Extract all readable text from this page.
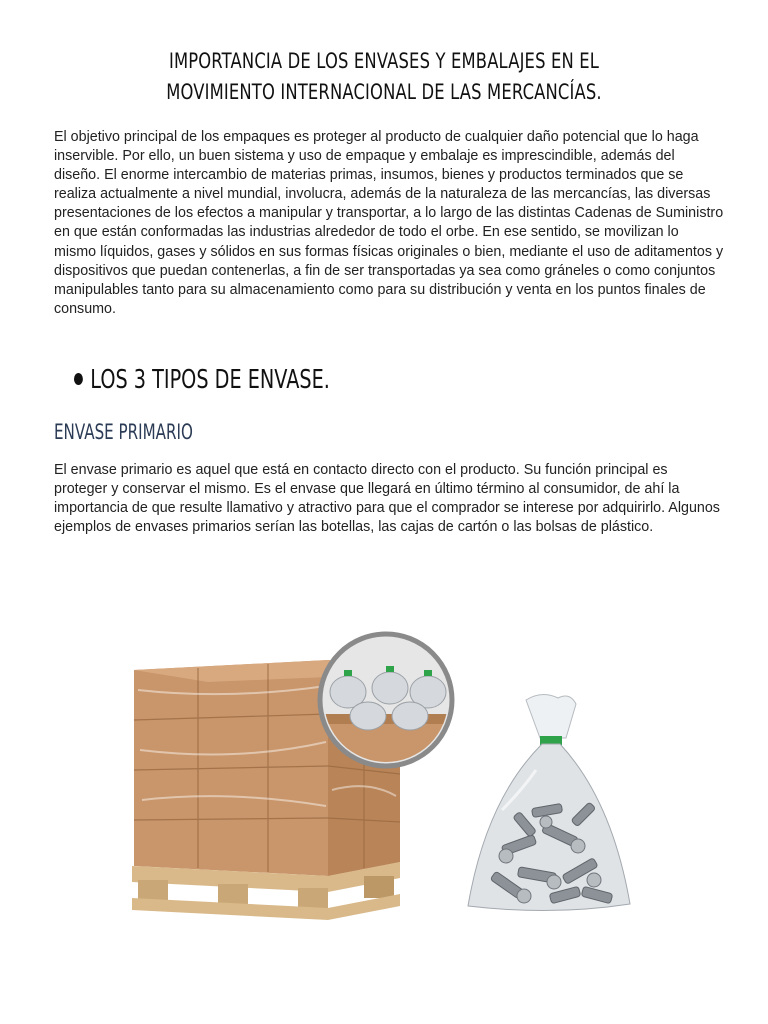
IMPORTANCIA DE LOS ENVASES Y EMBALAJES EN EL MOVIMIENTO INTERNACIONAL DE LAS MERCANCÍAS.

El objetivo principal de los empaques es proteger al producto de cualquier daño potencial que lo haga inservible. Por ello, un buen sistema y uso de empaque y embalaje es imprescindible, además del diseño. El enorme intercambio de materias primas, insumos, bienes y productos terminados que se realiza actualmente a nivel mundial, involucra, además de la naturaleza de las mercancías, las diversas presentaciones de los efectos a manipular y transportar, a lo largo de las distintas Cadenas de Suministro en que están conformadas las industrias alrededor de todo el orbe. En ese sentido, se movilizan lo mismo líquidos, gases y sólidos en sus formas físicas originales o bien, mediante el uso de aditamentos y dispositivos que puedan contenerlas, a fin de ser transportadas ya sea como gráneles o como conjuntos manipulables tanto para su almacenamiento como para su distribución y venta en los puntos finales de consumo.

LOS 3 TIPOS DE ENVASE.
ENVASE PRIMARIO

El envase primario es aquel que está en contacto directo con el producto. Su función principal es proteger y conservar el mismo. Es el envase que llegará en último término al consumidor, de ahí la importancia de que resulte llamativo y atractivo para que el comprador se interese por adquirirlo. Algunos ejemplos de envases primarios serían las botellas, las cajas de cartón o las bolsas de plástico.
